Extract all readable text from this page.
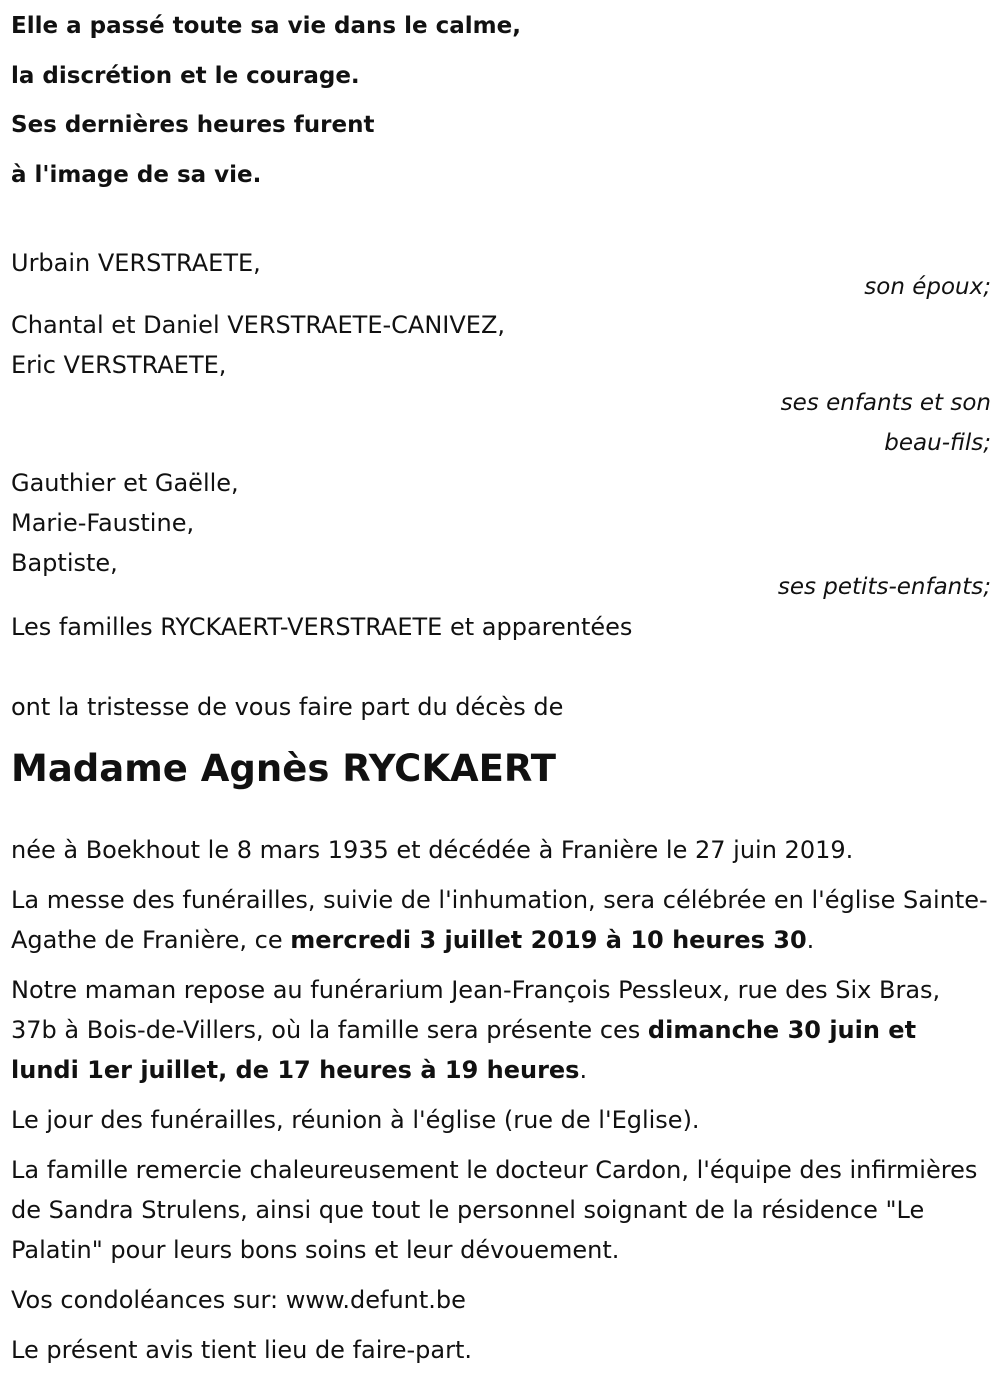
Elle a passé toute sa vie dans le calme,

la discrétion et le courage.

Ses dernières heures furent

à l'image de sa vie.

Urbain VERSTRAETE,
son époux;
Chantal et Daniel VERSTRAETE-CANIVEZ,
Eric VERSTRAETE,
ses enfants et son
beau-fils;
Gauthier et Gaëlle,
Marie-Faustine,
Baptiste,
ses petits-enfants;
Les familles RYCKAERT-VERSTRAETE et apparentées
ont la tristesse de vous faire part du décès de
Madame Agnès RYCKAERT

née à Boekhout le 8 mars 1935 et décédée à Franière le 27 juin 2019.

La messe des funérailles, suivie de l'inhumation, sera célébrée en l'église Sainte-Agathe de Franière, ce mercredi 3 juillet 2019 à 10 heures 30.

Notre maman repose au funérarium Jean-François Pessleux, rue des Six Bras, 37b à Bois-de-Villers, où la famille sera présente ces dimanche 30 juin et lundi 1er juillet, de 17 heures à 19 heures.

Le jour des funérailles, réunion à l'église (rue de l'Eglise).

La famille remercie chaleureusement le docteur Cardon, l'équipe des infirmières de Sandra Strulens, ainsi que tout le personnel soignant de la résidence "Le Palatin" pour leurs bons soins et leur dévouement.

Vos condoléances sur: www.defunt.be

Le présent avis tient lieu de faire-part.
